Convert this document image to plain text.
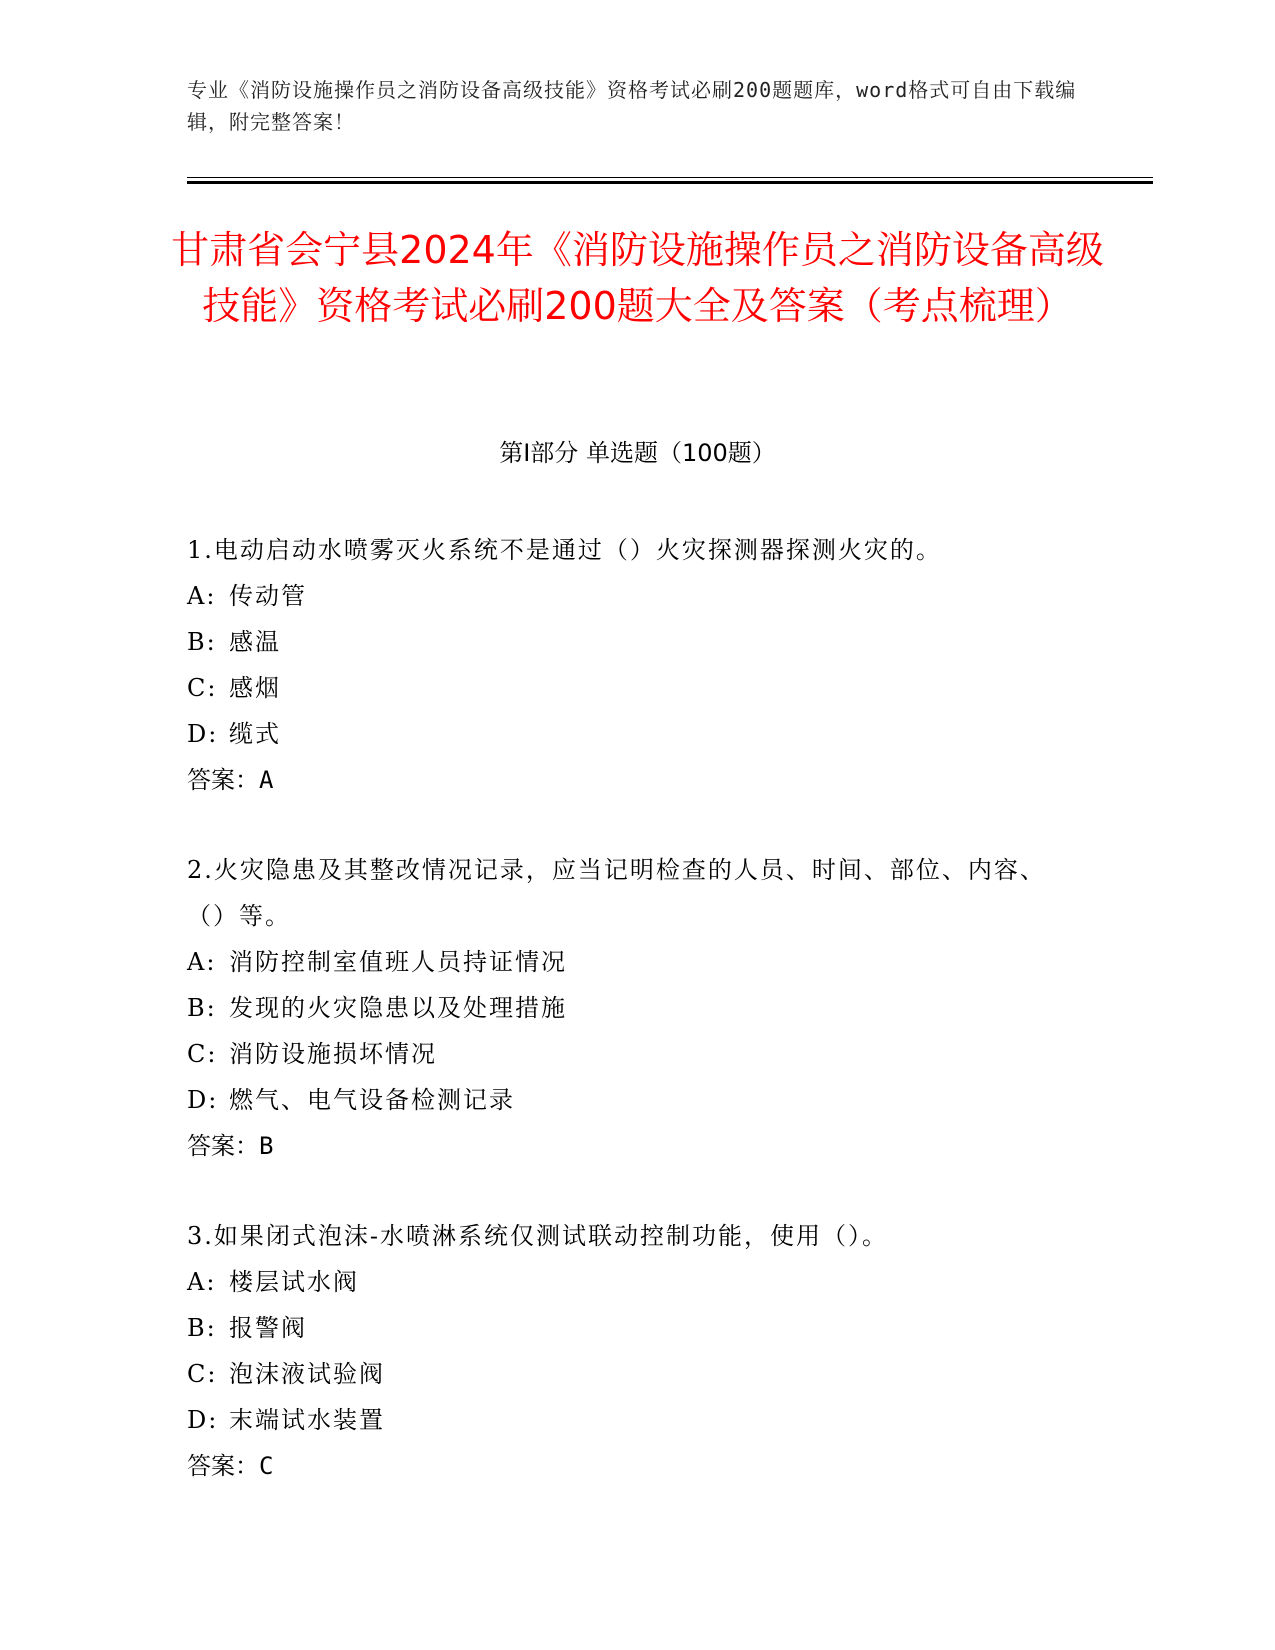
专业《消防设施操作员之消防设备高级技能》资格考试必刷200题题库，word格式可自由下载编辑，附完整答案！
甘肃省会宁县2024年《消防设施操作员之消防设备高级技能》资格考试必刷200题大全及答案（考点梳理）
第I部分 单选题（100题）
1.电动启动水喷雾灭火系统不是通过（）火灾探测器探测火灾的。
A: 传动管
B: 感温
C: 感烟
D: 缆式
答案：A
2.火灾隐患及其整改情况记录，应当记明检查的人员、时间、部位、内容、（）等。
A: 消防控制室值班人员持证情况
B: 发现的火灾隐患以及处理措施
C: 消防设施损坏情况
D: 燃气、电气设备检测记录
答案：B
3.如果闭式泡沫-水喷淋系统仅测试联动控制功能，使用（）。
A: 楼层试水阀
B: 报警阀
C: 泡沫液试验阀
D: 末端试水装置
答案：C
